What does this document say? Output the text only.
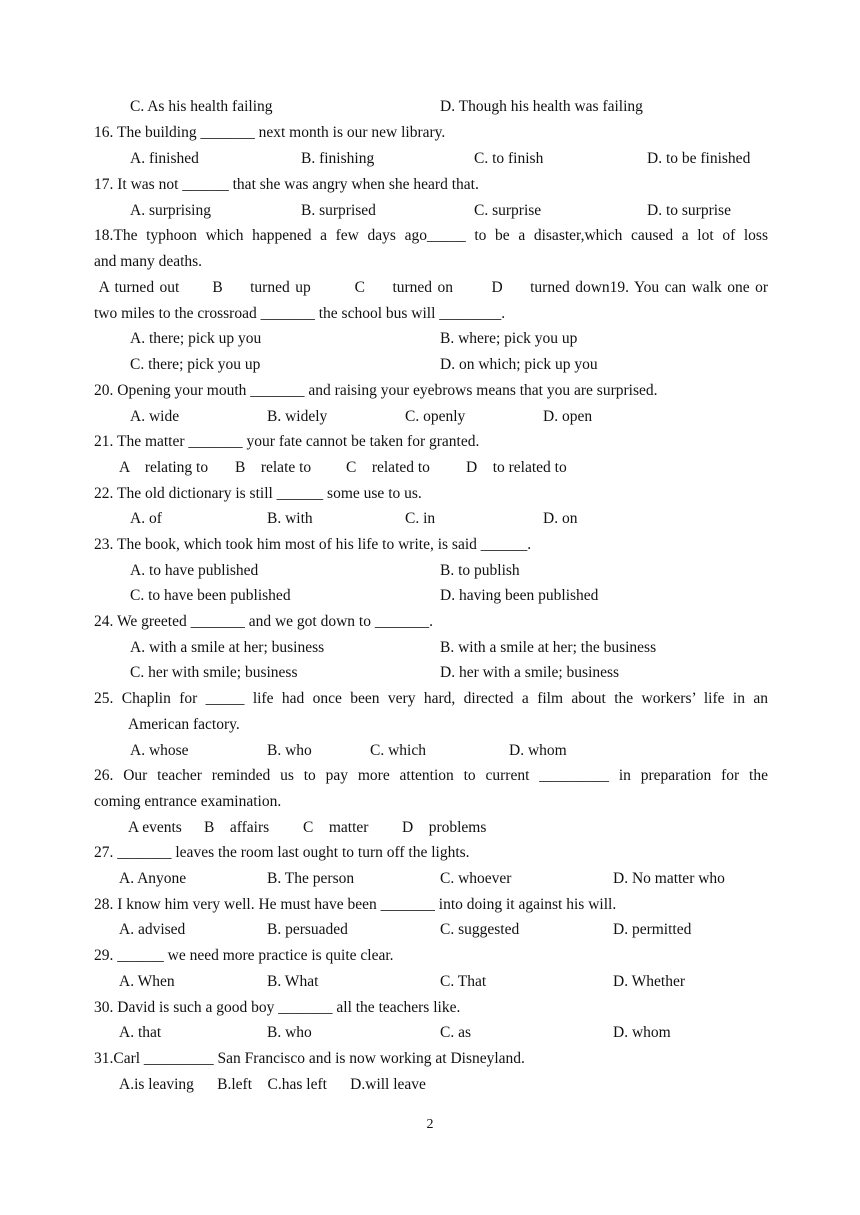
C. As his health failing	D. Though his health was failing
16. The building _______ next month is our new library.
A. finished	B. finishing	C. to finish	D. to be finished
17. It was not ______ that she was angry when she heard that.
A. surprising	B. surprised	C. surprise	D. to surprise
18.The typhoon which happened a few days ago_____ to be a disaster,which caused a lot of loss
and many deaths.
A turned out      B     turned up        C     turned on       D     turned down19. You can walk one or
two miles to the crossroad _______ the school bus will ________.
A. there; pick up you	B. where; pick you up
C. there; pick you up	D. on which; pick up you
20. Opening your mouth _______ and raising your eyebrows means that you are surprised.
A. wide	B. widely	C. openly	D. open
21. The matter _______ your fate cannot be taken for granted.
A    relating to B    relate to C    related to D    to related to
22. The old dictionary is still ______ some use to us.
A. of	B. with	C. in	D. on
23. The book, which took him most of his life to write, is said ______.
A. to have published	B. to publish
C. to have been published	D. having been published
24. We greeted _______ and we got down to _______.
A. with a smile at her; business	B. with a smile at her; the business
C. her with smile; business	D. her with a smile; business
25. Chaplin for _____ life had once been very hard, directed a film about the workers’ life in an
American factory.
A. whose	B. who	C. which	D. whom
26. Our teacher reminded us to pay more attention to current _________ in preparation for the
coming entrance examination.
A events B    affairs C    matter D    problems
27. _______ leaves the room last ought to turn off the lights.
A. Anyone	B. The person	C. whoever	D. No matter who
28. I know him very well. He must have been _______ into doing it against his will.
A. advised	B. persuaded	C. suggested	D. permitted
29. ______ we need more practice is quite clear.
A. When	B. What	C. That	D. Whether
30. David is such a good boy _______ all the teachers like.
A. that	B. who	C. as	D. whom
31.Carl _________ San Francisco and is now working at Disneyland.
A.is leaving      B.left    C.has left      D.will leave
2
